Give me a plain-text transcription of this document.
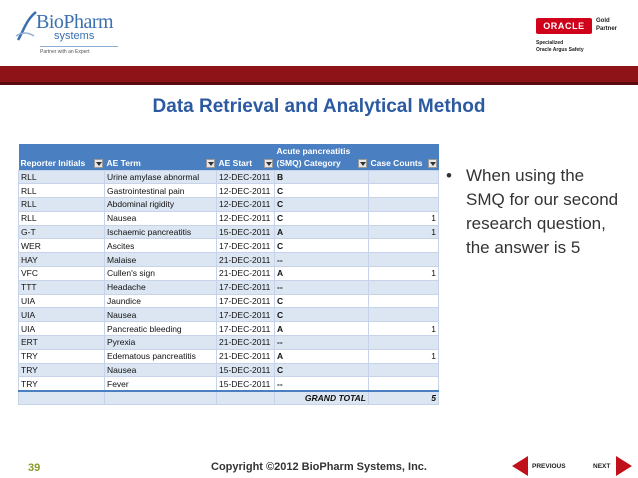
BioPharm
systems
Partner with an Expert
ORACLE	Gold
Partner
Specialized
Oracle Argus Safety
Data Retrieval and Analytical Method
			Acute pancreatitis	
Reporter Initials	AE Term	AE Start	(SMQ) Category	Case Counts

RLL	Urine amylase abnormal	12-DEC-2011	B	
RLL	Gastrointestinal pain	12-DEC-2011	C	
RLL	Abdominal rigidity	12-DEC-2011	C	
RLL	Nausea	12-DEC-2011	C	1
G-T	Ischaemic pancreatitis	15-DEC-2011	A	1
WER	Ascites	17-DEC-2011	C	
HAY	Malaise	21-DEC-2011	--	
VFC	Cullen's sign	21-DEC-2011	A	1
TTT	Headache	17-DEC-2011	--	
UIA	Jaundice	17-DEC-2011	C	
UIA	Nausea	17-DEC-2011	C	
UIA	Pancreatic bleeding	17-DEC-2011	A	1
ERT	Pyrexia	21-DEC-2011	--	
TRY	Edematous pancreatitis	21-DEC-2011	A	1
TRY	Nausea	15-DEC-2011	C	
TRY	Fever	15-DEC-2011	--	
			GRAND TOTAL	5
• When using the SMQ for our second research question, the answer is 5
39	Copyright ©2012 BioPharm Systems, Inc.	PREVIOUS	NEXT
